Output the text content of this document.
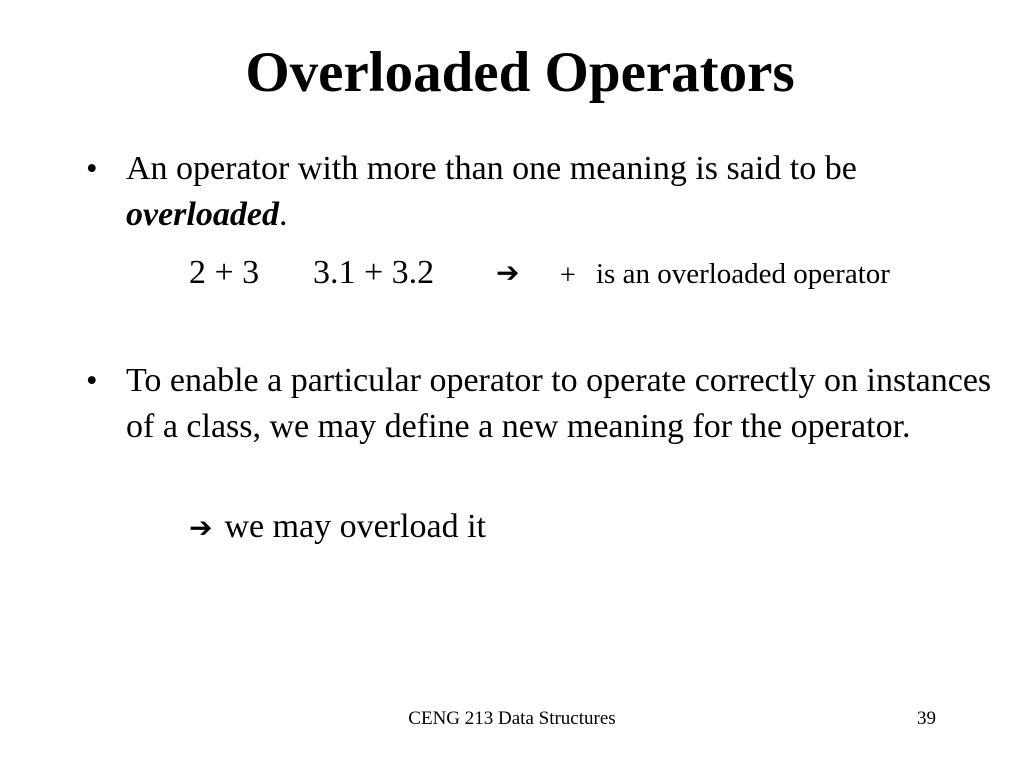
Overloaded Operators
• An operator with more than one meaning is said to be overloaded.
2 + 3 3.1 + 3.2 ➔ + is an overloaded operator
• To enable a particular operator to operate correctly on instances of a class, we may define a new meaning for the operator.
➔ we may overload it
CENG 213 Data Structures	39
